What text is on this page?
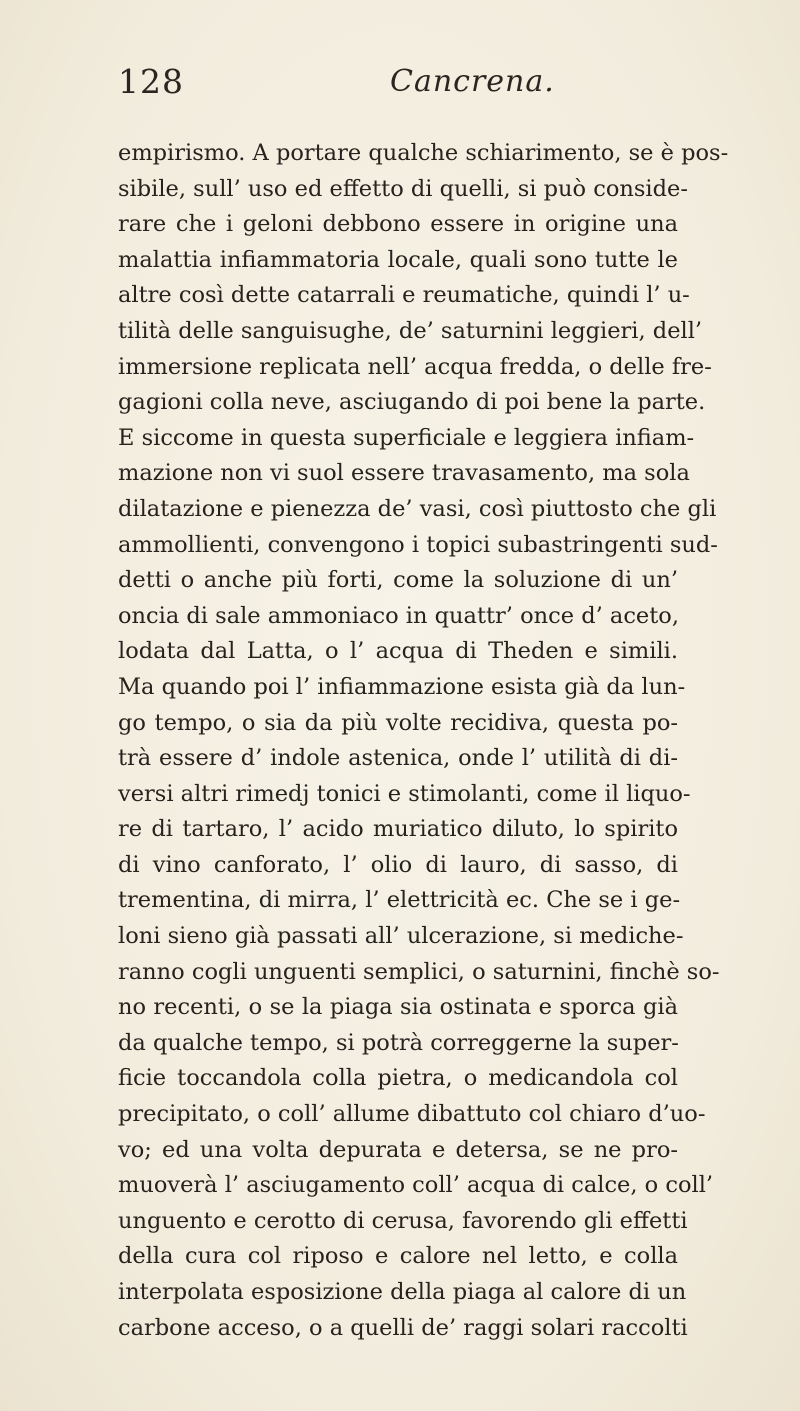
128	Cancrena.
empirismo. A portare qualche schiarimento, se è pos-
sibile, sull’ uso ed effetto di quelli, si può conside-
rare che i geloni debbono essere in origine una
malattia infiammatoria locale, quali sono tutte le
altre così dette catarrali e reumatiche, quindi l’ u-
tilità delle sanguisughe, de’ saturnini leggieri, dell’
immersione replicata nell’ acqua fredda, o delle fre-
gagioni colla neve, asciugando di poi bene la parte.
E siccome in questa superficiale e leggiera infiam-
mazione non vi suol essere travasamento, ma sola
dilatazione e pienezza de’ vasi, così piuttosto che gli
ammollienti, convengono i topici subastringenti sud-
detti o anche più forti, come la soluzione di un’
oncia di sale ammoniaco in quattr’ once d’ aceto,
lodata dal Latta, o l’ acqua di Theden e simili.
Ma quando poi l’ infiammazione esista già da lun-
go tempo, o sia da più volte recidiva, questa po-
trà essere d’ indole astenica, onde l’ utilità di di-
versi altri rimedj tonici e stimolanti, come il liquo-
re di tartaro, l’ acido muriatico diluto, lo spirito
di vino canforato, l’ olio di lauro, di sasso, di
trementina, di mirra, l’ elettricità ec. Che se i ge-
loni sieno già passati all’ ulcerazione, si mediche-
ranno cogli unguenti semplici, o saturnini, finchè so-
no recenti, o se la piaga sia ostinata e sporca già
da qualche tempo, si potrà correggerne la super-
ficie toccandola colla pietra, o medicandola col
precipitato, o coll’ allume dibattuto col chiaro d’uo-
vo; ed una volta depurata e detersa, se ne pro-
muoverà l’ asciugamento coll’ acqua di calce, o coll’
unguento e cerotto di cerusa, favorendo gli effetti
della cura col riposo e calore nel letto, e colla
interpolata esposizione della piaga al calore di un
carbone acceso, o a quelli de’ raggi solari raccolti
